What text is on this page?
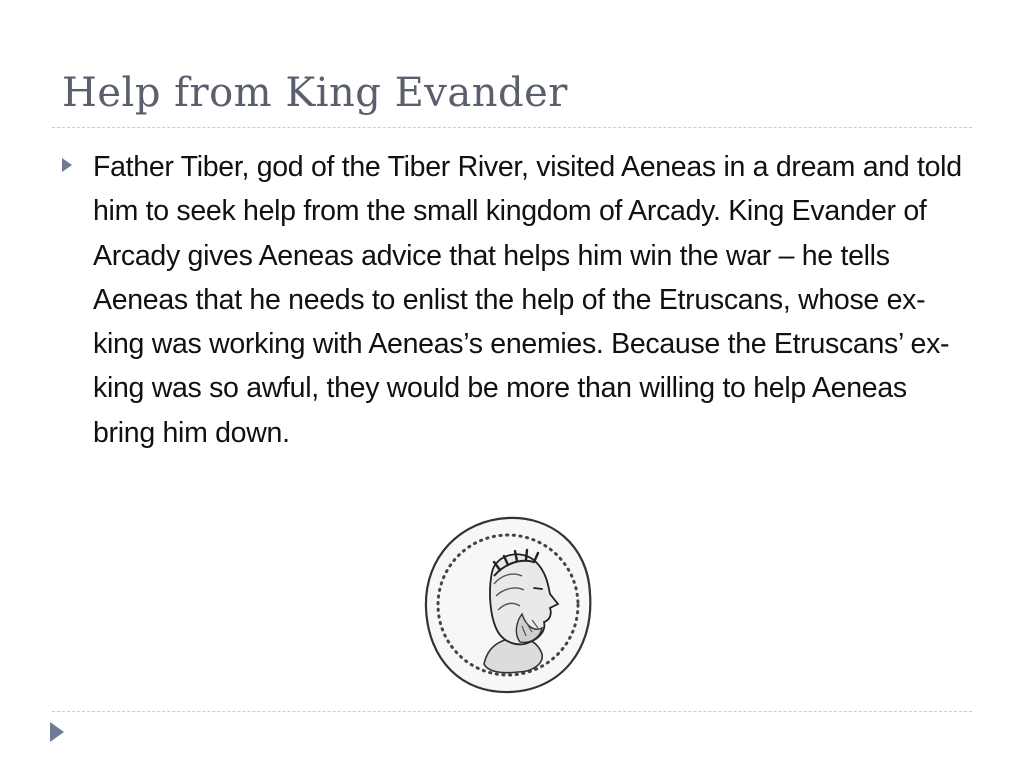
Help from King Evander
Father Tiber, god of the Tiber River, visited Aeneas in a dream and told him to seek help from the small kingdom of Arcady. King Evander of Arcady gives Aeneas advice that helps him win the war – he tells Aeneas that he needs to enlist the help of the Etruscans, whose ex-king was working with Aeneas’s enemies. Because the Etruscans’ ex-king was so awful, they would be more than willing to help Aeneas bring him down.
